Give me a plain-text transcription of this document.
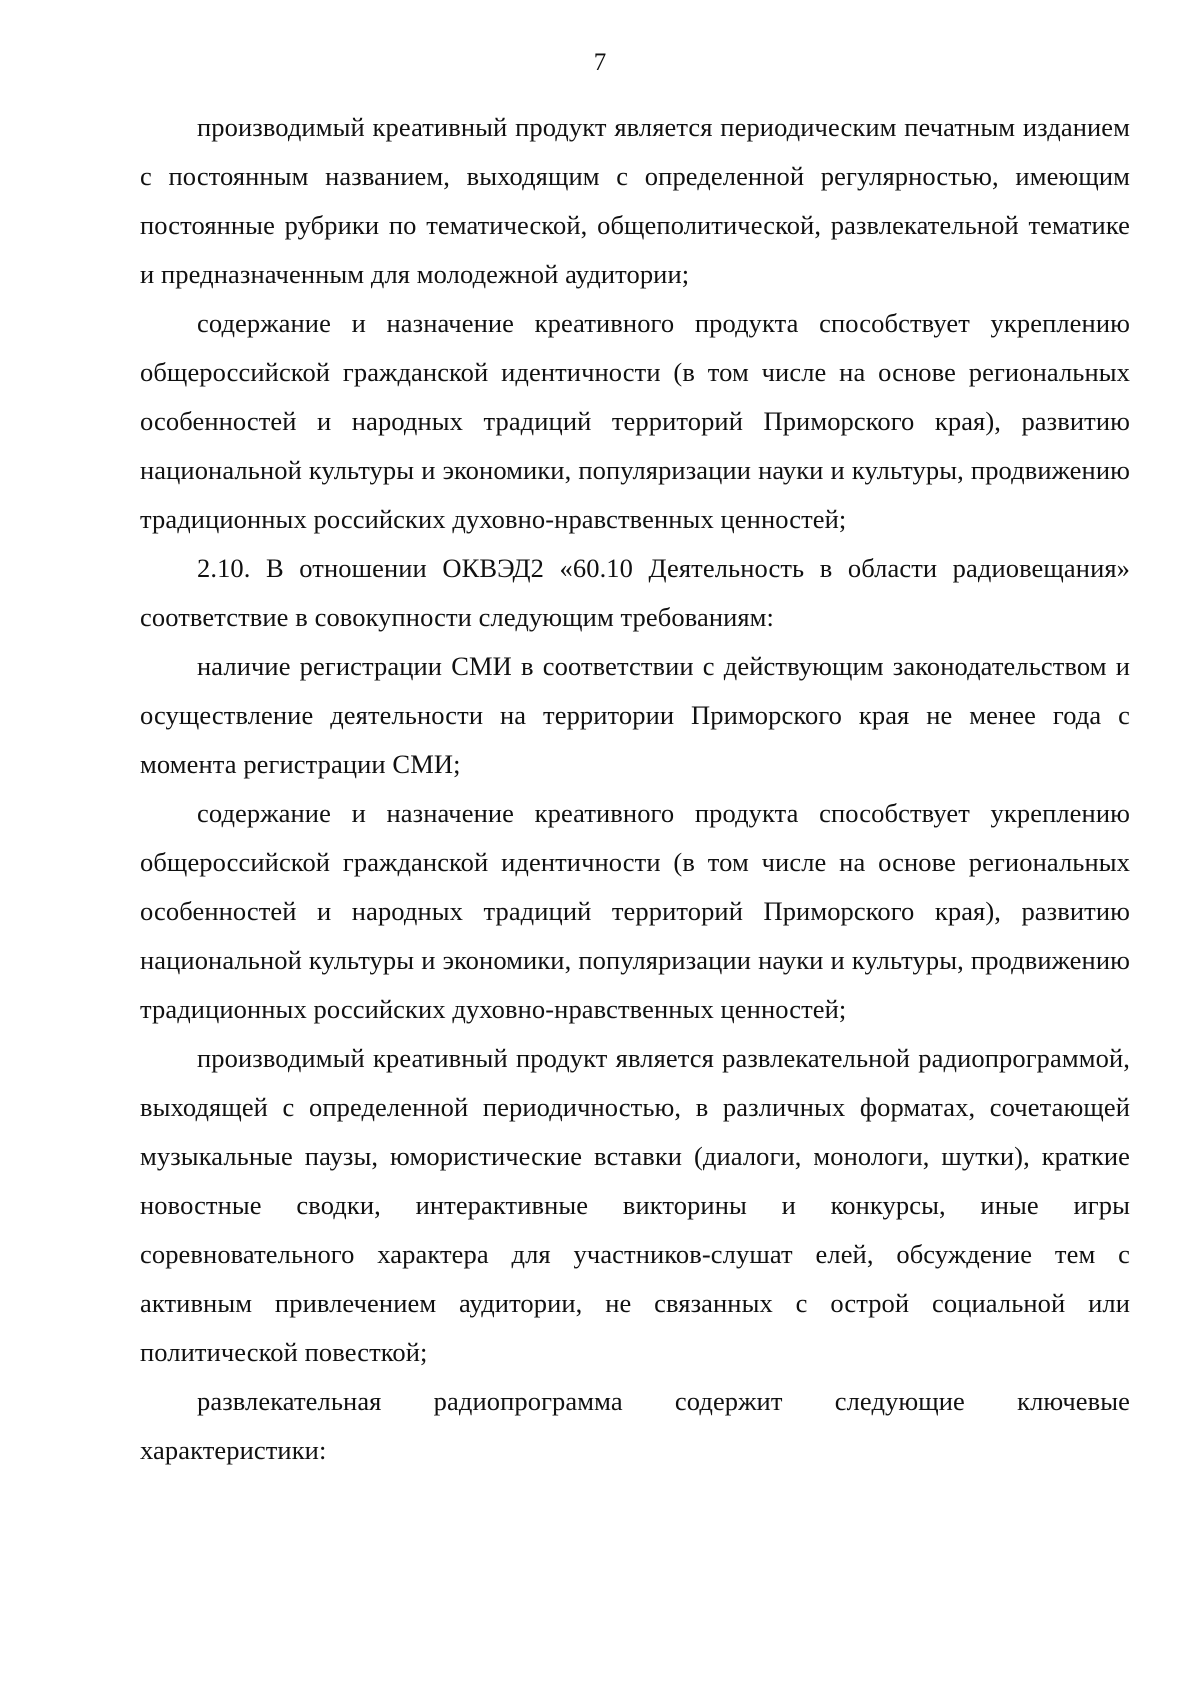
7

производимый креативный продукт является периодическим печатным изданием с постоянным названием, выходящим с определенной регулярностью, имеющим постоянные рубрики по тематической, общеполитической, развлекательной тематике и предназначенным для молодежной аудитории;

содержание и назначение креативного продукта способствует укреплению общероссийской гражданской идентичности (в том числе на основе региональных особенностей и народных традиций территорий Приморского края), развитию национальной культуры и экономики, популяризации науки и культуры, продвижению традиционных российских духовно-нравственных ценностей;

2.10. В отношении ОКВЭД2 «60.10 Деятельность в области радиовещания» соответствие в совокупности следующим требованиям:

наличие регистрации СМИ в соответствии с действующим законодательством и осуществление деятельности на территории Приморского края не менее года с момента регистрации СМИ;

содержание и назначение креативного продукта способствует укреплению общероссийской гражданской идентичности (в том числе на основе региональных особенностей и народных традиций территорий Приморского края), развитию национальной культуры и экономики, популяризации науки и культуры, продвижению традиционных российских духовно-нравственных ценностей;

производимый креативный продукт является развлекательной радиопрограммой, выходящей с определенной периодичностью, в различных форматах, сочетающей музыкальные паузы, юмористические вставки (диалоги, монологи, шутки), краткие новостные сводки, интерактивные викторины и конкурсы, иные игры соревновательного характера для участников-слушат елей, обсуждение тем с активным привлечением аудитории, не связанных с острой социальной или политической повесткой;

развлекательная радиопрограмма содержит следующие ключевые характеристики:
